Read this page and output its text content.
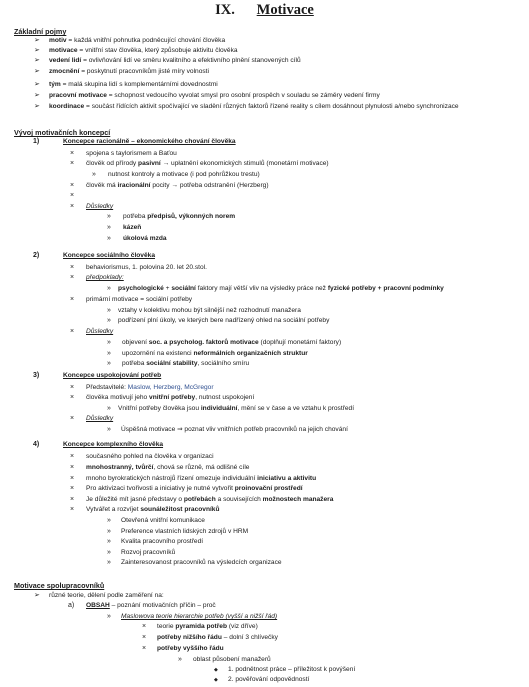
IX. Motivace
Základní pojmy
➢ motiv = každá vnitřní pohnutka podněcující chování člověka
➢ motivace = vnitřní stav člověka, který způsobuje aktivitu člověka
➢ vedení lidí = ovlivňování lidí ve směru kvalitního a efektivního plnění stanovených cílů
➢ zmocnění = poskytnutí pracovníkům jisté míry volnosti
➢ tým = malá skupina lidí s komplementárními dovednostmi
➢ pracovní motivace = schopnost vedoucího vyvolat smysl pro osobní prospěch v souladu se záměry vedení firmy
➢ koordinace = součást řídících aktivit spočívající ve sladění různých faktorů řízené reality s cílem dosáhnout plynulosti a/nebo synchronizace
Vývoj motivačních koncepcí
1)	Koncepce racionálně – ekonomického chování člověka
× spojena s taylorismem a Baťou
× člověk od přírody pasivní → upłatnění ekonomických stimulů (monetární motivace)
» nutnost kontroly a motivace (i pod pohrůžkou trestu)
× člověk má iracionální pocity → potřeba odstranění (Herzberg)
×
× Důsledky
» potřeba předpisů, výkonných norem
» kázeň
» úkolová mzda
2)	Koncepce sociálního člověka
× behaviorismus, 1. polovina 20. let 20.stol.
× předpoklady:
» psychologické + sociální faktory mají větší vliv na výsledky práce než fyzické potřeby + pracovní podmínky
× primární motivace = sociální potřeby
» vztahy v kolektivu mohou být silnější než rozhodnutí manažera
» podřízení plní úkoly, ve kterých bere nadřízený ohled na sociální potřeby
× Důsledky
» objevení soc. a psycholog. faktorů motivace (doplňují monetární faktory)
» upozornění na existenci neformálních organizačních struktur
» potřeba sociální stability, sociálního smíru
3)	Koncepce uspokojování potřeb
× Představitelé: Maslow, Herzberg, McGregor
× člověka motivují jeho vnitřní potřeby, nutnost uspokojení
» Vnitřní potřeby člověka jsou individuální, mění se v čase a ve vztahu k prostředí
× Důsledky
» Úspěšná motivace ⇒ poznat vliv vnitřních potřeb pracovníků na jejich chování
4)	Koncepce komplexního člověka
× současného pohled na člověka v organizaci
× mnohostranný, tvůrčí, chová se různě, má odlišné cíle
× mnoho byrokratických nástrojů řízení omezuje individuální iniciativu a aktivitu
× Pro aktivizaci tvořivosti a iniciativy je nutné vytvořit proinovační prostředí
× Je důležité mít jasné představy o potřebách a souvisejících možnostech manažera
× Vytvářet a rozvíjet sounáležitost pracovníků
» Otevřená vnitřní komunikace
» Preference vlastních lidských zdrojů v HRM
» Kvalita pracovního prostředí
» Rozvoj pracovníků
» Zainteresovanost pracovníků na výsledcích organizace
Motivace spolupracovníků
➢ různé teorie, dělení podle zaměření na:
a) OBSAH – poznání motivačních příčin – proč
» Maslowova teorie hierarchie potřeb (vyšší a nižší řád)
× teorie pyramida potřeb (viz dříve)
× potřeby nižšího řádu – dolní 3 chlívečky
× potřeby vyššího řádu
» oblast působení manažerů
◆ 1. podnětnost práce – příležitost k povýšení
◆ 2. pověřování odpovědností
